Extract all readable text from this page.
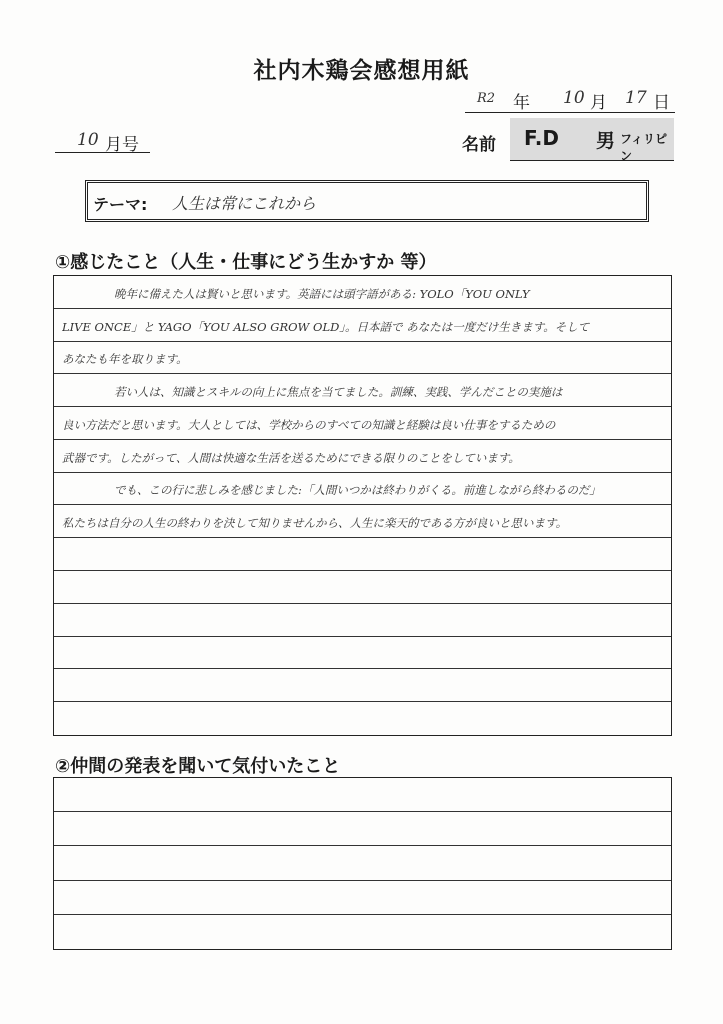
社内木鶏会感想用紙
R2 年 10 月 17 日
10 月号	名前 F.D 男 フィリピン
テーマ: 人生は常にこれから
①感じたこと（人生・仕事にどう生かすか 等）
晩年に備えた人は賢いと思います。英語には頭字語がある: YOLO「YOU ONLY
LIVE ONCE」と YAGO「YOU ALSO GROW OLD」。日本語で あなたは一度だけ生きます。そして
あなたも年を取ります。
若い人は、知識とスキルの向上に焦点を当てました。訓練、実践、学んだことの実施は
良い方法だと思います。大人としては、学校からのすべての知識と経験は良い仕事をするための
武器です。したがって、人間は快適な生活を送るためにできる限りのことをしています。
でも、この行に悲しみを感じました:「人間いつかは終わりがくる。前進しながら終わるのだ」
私たちは自分の人生の終わりを決して知りませんから、人生に楽天的である方が良いと思います。
②仲間の発表を聞いて気付いたこと
